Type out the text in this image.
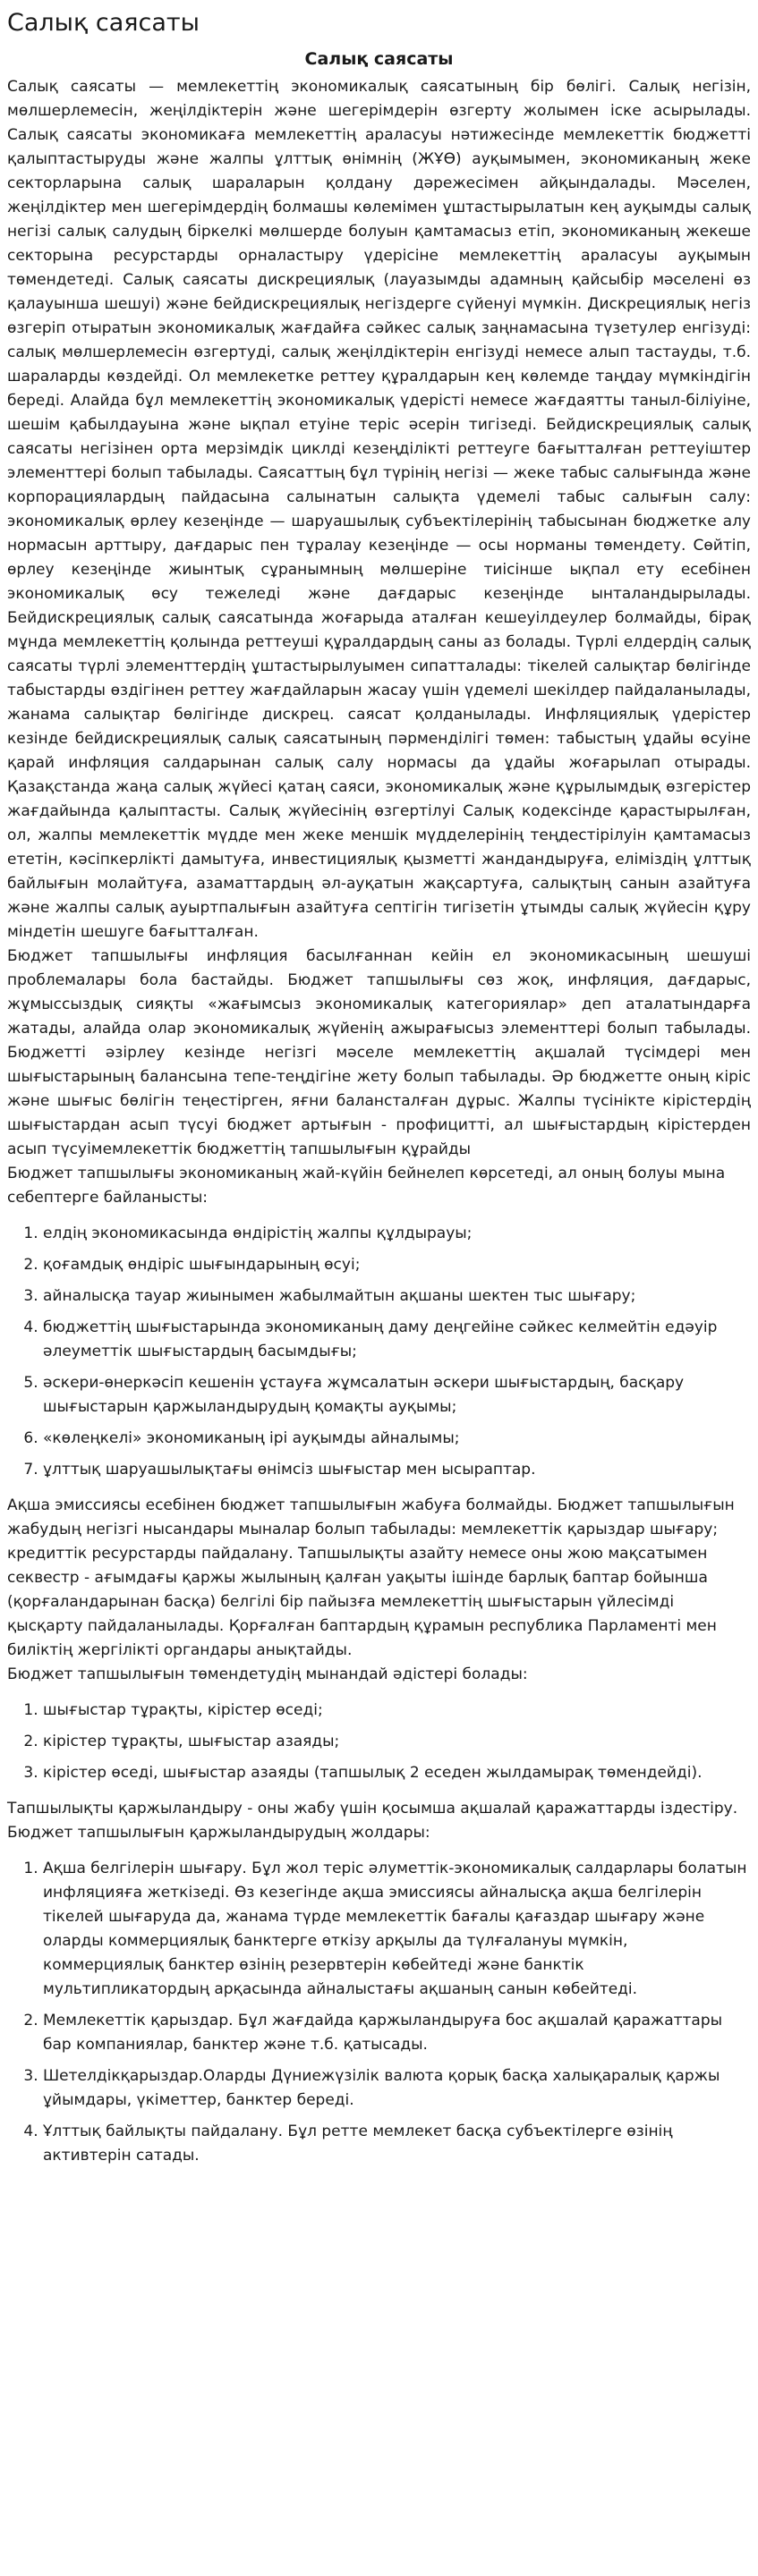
Салық саясаты
Салық саясаты

Салық саясаты — мемлекеттің экономикалық саясатының бір бөлігі. Салық негізін, мөлшерлемесін, жеңілдіктерін және шегерімдерін өзгерту жолымен іске асырылады. Салық саясаты экономикаға мемлекеттің араласуы нәтижесінде мемлекеттік бюджетті қалыптастыруды және жалпы ұлттық өнімнің (ЖҰӨ) ауқымымен, экономиканың жеке секторларына салық шараларын қолдану дәрежесімен айқындалады. Мәселен, жеңілдіктер мен шегерімдердің болмашы көлемімен ұштастырылатын кең ауқымды салық негізі салық салудың біркелкі мөлшерде болуын қамтамасыз етіп, экономиканың жекеше секторына ресурстарды орналастыру үдерісіне мемлекеттің араласуы ауқымын төмендетеді. Салық саясаты дискрециялық (лауазымды адамның қайсыбір мәселені өз қалауынша шешуі) және бейдискрециялық негіздерге сүйенуі мүмкін. Дискрециялық негіз өзгеріп отыратын экономикалық жағдайға сәйкес салық заңнамасына түзетулер енгізуді: салық мөлшерлемесін өзгертуді, салық жеңілдіктерін енгізуді немесе алып тастауды, т.б. шараларды көздейді. Ол мемлекетке реттеу құралдарын кең көлемде таңдау мүмкіндігін береді. Алайда бұл мемлекеттің экономикалық үдерісті немесе жағдаятты таныл-біліуіне, шешім қабылдауына және ықпал етуіне теріс әсерін тигізеді. Бейдискрециялық салық саясаты негізінен орта мерзімдік циклді кезеңділікті реттеуге бағытталған реттеуіштер элементтері болып табылады. Саясаттың бұл түрінің негізі — жеке табыс салығында және корпорациялардың пайдасына салынатын салықта үдемелі табыс салығын салу: экономикалық өрлеу кезеңінде — шаруашылық субъектілерінің табысынан бюджетке алу нормасын арттыру, дағдарыс пен тұралау кезеңінде — осы норманы төмендету. Сөйтіп, өрлеу кезеңінде жиынтық сұранымның мөлшеріне тиісінше ықпал ету есебінен экономикалық өсу тежеледі және дағдарыс кезеңінде ынталандырылады. Бейдискрециялық салық саясатында жоғарыда аталған кешеуілдеулер болмайды, бірақ мұнда мемлекеттің қолында реттеуші құралдардың саны аз болады. Түрлі елдердің салық саясаты түрлі элементтердің ұштастырылуымен сипатталады: тікелей салықтар бөлігінде табыстарды өздігінен реттеу жағдайларын жасау үшін үдемелі шекілдер пайдаланылады, жанама салықтар бөлігінде дискрец. саясат қолданылады. Инфляциялық үдерістер кезінде бейдискрециялық салық саясатының пәрменділігі төмен: табыстың ұдайы өсуіне қарай инфляция салдарынан салық салу нормасы да ұдайы жоғарылап отырады. Қазақстанда жаңа салық жүйесі қатаң саяси, экономикалық және құрылымдық өзгерістер жағдайында қалыптасты. Салық жүйесінің өзгертілуі Салық кодексінде қарастырылған, ол, жалпы мемлекеттік мүдде мен жеке меншік мүдделерінің теңдестірілуін қамтамасыз ететін, кәсіпкерлікті дамытуға, инвестициялық қызметті жандандыруға, елімiздің ұлттық байлығын молайтуға, азаматтардың әл-ауқатын жақсартуға, салықтың санын азайтуға және жалпы салық ауыртпалығын азайтуға септігін тигізетін ұтымды салық жүйесін құру міндетін шешуге бағытталған.

Бюджет тапшылығы инфляция басылғаннан кейін ел экономикасының шешуші проблемалары бола бастайды. Бюджет тапшылығы сөз жоқ, инфляция, дағдарыс, жұмыссыздық сияқты «жағымсыз экономикалық категориялар» деп аталатындарға жатады, алайда олар экономикалық жүйенің ажырағысыз элементтері болып табылады. Бюджетті әзірлеу кезінде негізгі мәселе мемлекеттің ақшалай түсімдері мен шығыстарының балансына тепе-теңдігіне жету болып табылады. Әр бюджетте оның кіріс және шығыс бөлігін теңестірген, яғни балансталған дұрыс. Жалпы түсінікте кірістердің шығыстардан асып түсуі бюджет артығын - профициттi, ал шығыстардың кірістерден асып түсуiмемлекеттiк бюджеттiң тапшылығын құрайды

Бюджет тапшылығы экономиканың жай-күйін бейнелеп көрсетеді, ал оның болуы мына себептерге байланысты:

1. елдің экономикасында өндірістің жалпы құлдырауы;
2. қоғамдық өндіріс шығындарының өсуі;
3. айналысқа тауар жиынымен жабылмайтын ақшаны шектен тыс шығару;
4. бюджеттің шығыстарында экономиканың даму деңгейіне сәйкес келмейтін едәуір әлеуметтік шығыстардың басымдығы;
5. әскери-өнеркәсіп кешенін ұстауға жұмсалатын әскери шығыстардың, басқару шығыстарын қаржыландырудың қомақты ауқымы;
6. «көлеңкелі» экономиканың ірі ауқымды айналымы;
7. ұлттық шаруашылықтағы өнімсіз шығыстар мен ысыраптар.
Ақша эмиссиясы есебінен бюджет тапшылығын жабуға болмайды. Бюджет тапшылығын жабудың негізгі нысандары мыналар болып табылады: мемлекеттік қарыздар шығару; кредиттік ресурстарды пайдалану. Тапшылықты азайту немесе оны жою мақсатымен секвестр - ағымдағы қаржы жылының қалған уақыты ішінде барлық баптар бойынша (қорғаландарынан басқа) белгілі бір пайызға мемлекеттің шығыстарын үйлесімді қысқарту пайдаланылады. Қорғалған баптардың құрамын республика Парламенті мен биліктің жергілікті органдары анықтайды.
Бюджет тапшылығын төмендетудің мынандай әдістері болады:
1. шығыстар тұрақты, кірістер өседі;
2. кірістер тұрақты, шығыстар азаяды;
3. кірістер өседі, шығыстар азаяды (тапшылық 2 еседен жылдамырақ төмендейді).
Тапшылықты қаржыландыру - оны жабу үшін қосымша ақшалай қаражаттарды іздестіру.
Бюджет тапшылығын қаржыландырудың жолдары:
1. Ақша белгілерін шығару. Бұл жол теріс әлуметтік-экономикалық салдарлары болатын инфляцияға жеткізеді. Өз кезегінде ақша эмиссиясы айналысқа ақша белгілерін тікелей шығаруда да, жанама түрде мемлекеттік бағалы қағаздар шығару және оларды коммерциялық банктерге өткізу арқылы да түлғалануы мүмкін, коммерциялық банктер өзінің резервтерін көбейтеді және банктік мультипликатордың арқасында айналыстағы ақшаның санын көбейтеді.
2. Мемлекеттік қарыздар. Бұл жағдайда қаржыландыруға бос ақшалай қаражаттары бар компаниялар, банктер және т.б. қатысады.
3. Шетелдікқарыздар.Оларды Дүниежүзілік валюта қорық басқа халықаралық қаржы ұйымдары, үкіметтер, банктер береді.
4. Ұлттық байлықты пайдалану. Бұл ретте мемлекет басқа субъектілерге өзінің активтерін сатады.
